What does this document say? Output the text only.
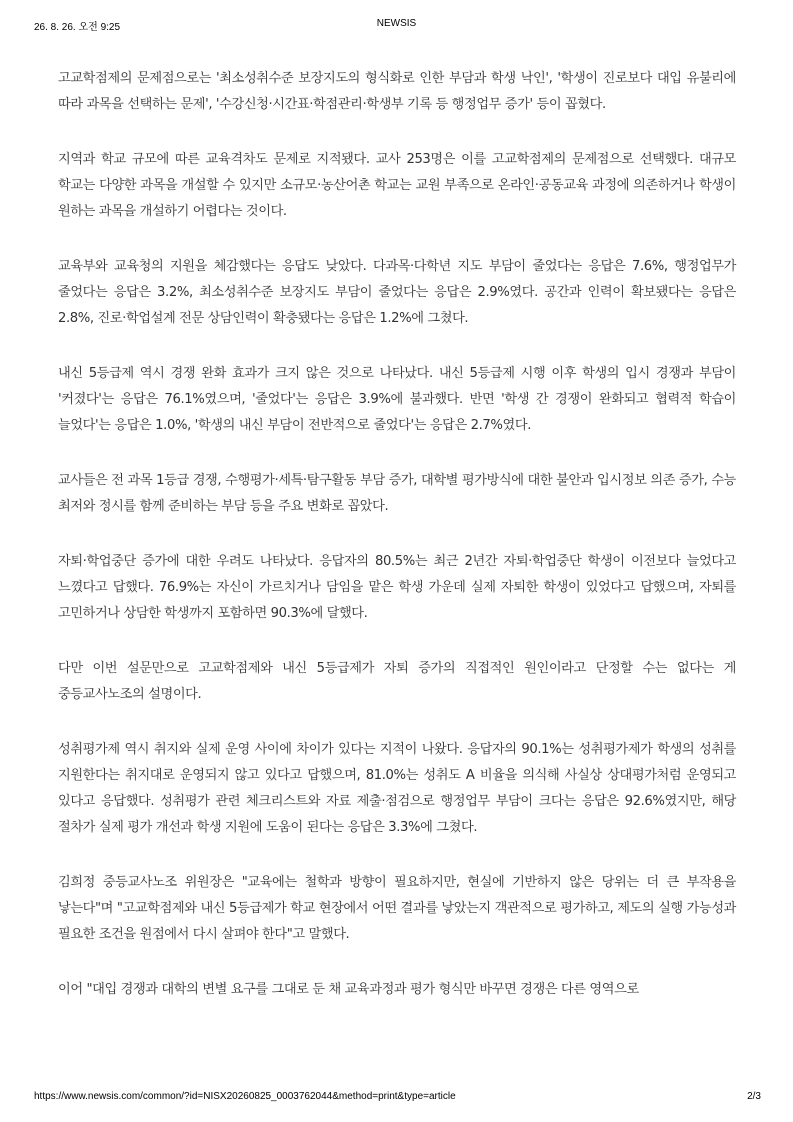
26. 8. 26. 오전 9:25	NEWSIS

고교학점제의 문제점으로는 '최소성취수준 보장지도의 형식화로 인한 부담과 학생 낙인', '학생이 진로보다 대입 유불리에 따라 과목을 선택하는 문제', '수강신청·시간표·학점관리·학생부 기록 등 행정업무 증가' 등이 꼽혔다.

지역과 학교 규모에 따른 교육격차도 문제로 지적됐다. 교사 253명은 이를 고교학점제의 문제점으로 선택했다. 대규모 학교는 다양한 과목을 개설할 수 있지만 소규모·농산어촌 학교는 교원 부족으로 온라인·공동교육 과정에 의존하거나 학생이 원하는 과목을 개설하기 어렵다는 것이다.

교육부와 교육청의 지원을 체감했다는 응답도 낮았다. 다과목·다학년 지도 부담이 줄었다는 응답은 7.6%, 행정업무가 줄었다는 응답은 3.2%, 최소성취수준 보장지도 부담이 줄었다는 응답은 2.9%였다. 공간과 인력이 확보됐다는 응답은 2.8%, 진로·학업설계 전문 상담인력이 확충됐다는 응답은 1.2%에 그쳤다.

내신 5등급제 역시 경쟁 완화 효과가 크지 않은 것으로 나타났다. 내신 5등급제 시행 이후 학생의 입시 경쟁과 부담이 '커졌다'는 응답은 76.1%였으며, '줄었다'는 응답은 3.9%에 불과했다. 반면 '학생 간 경쟁이 완화되고 협력적 학습이 늘었다'는 응답은 1.0%, '학생의 내신 부담이 전반적으로 줄었다'는 응답은 2.7%였다.

교사들은 전 과목 1등급 경쟁, 수행평가·세특·탐구활동 부담 증가, 대학별 평가방식에 대한 불안과 입시정보 의존 증가, 수능 최저와 정시를 함께 준비하는 부담 등을 주요 변화로 꼽았다.

자퇴·학업중단 증가에 대한 우려도 나타났다. 응답자의 80.5%는 최근 2년간 자퇴·학업중단 학생이 이전보다 늘었다고 느꼈다고 답했다. 76.9%는 자신이 가르치거나 담임을 맡은 학생 가운데 실제 자퇴한 학생이 있었다고 답했으며, 자퇴를 고민하거나 상담한 학생까지 포함하면 90.3%에 달했다.

다만 이번 설문만으로 고교학점제와 내신 5등급제가 자퇴 증가의 직접적인 원인이라고 단정할 수는 없다는 게 중등교사노조의 설명이다.

성취평가제 역시 취지와 실제 운영 사이에 차이가 있다는 지적이 나왔다. 응답자의 90.1%는 성취평가제가 학생의 성취를 지원한다는 취지대로 운영되지 않고 있다고 답했으며, 81.0%는 성취도 A 비율을 의식해 사실상 상대평가처럼 운영되고 있다고 응답했다. 성취평가 관련 체크리스트와 자료 제출·점검으로 행정업무 부담이 크다는 응답은 92.6%였지만, 해당 절차가 실제 평가 개선과 학생 지원에 도움이 된다는 응답은 3.3%에 그쳤다.

김희정 중등교사노조 위원장은 "교육에는 철학과 방향이 필요하지만, 현실에 기반하지 않은 당위는 더 큰 부작용을 낳는다"며 "고교학점제와 내신 5등급제가 학교 현장에서 어떤 결과를 낳았는지 객관적으로 평가하고, 제도의 실행 가능성과 필요한 조건을 원점에서 다시 살펴야 한다"고 말했다.

이어 "대입 경쟁과 대학의 변별 요구를 그대로 둔 채 교육과정과 평가 형식만 바꾸면 경쟁은 다른 영역으로

https://www.newsis.com/common/?id=NISX20260825_0003762044&method=print&type=article	2/3
